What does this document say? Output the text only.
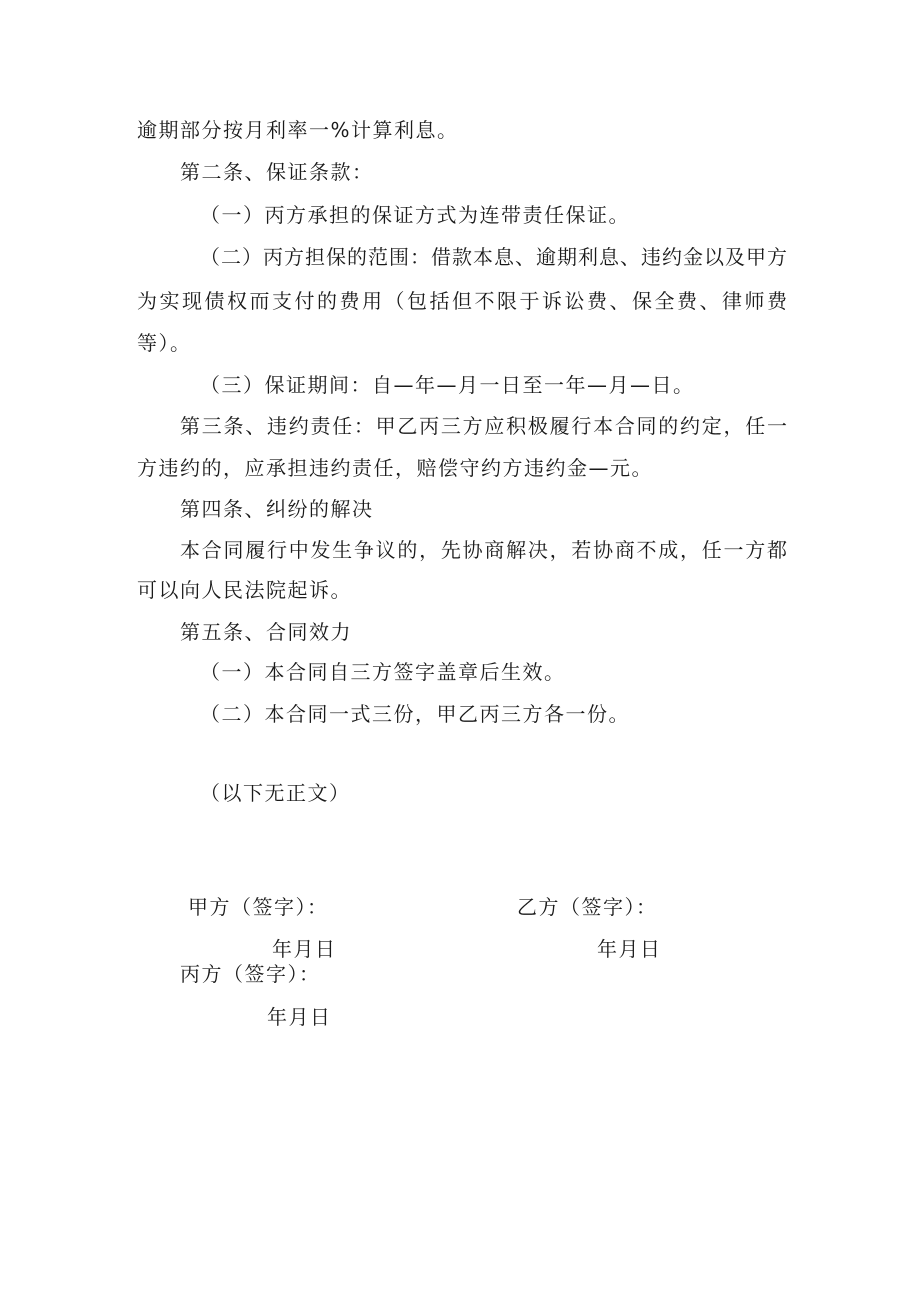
逾期部分按月利率一%计算利息。
第二条、保证条款：
（一）丙方承担的保证方式为连带责任保证。
（二）丙方担保的范围：借款本息、逾期利息、违约金以及甲方
为实现债权而支付的费用（包括但不限于诉讼费、保全费、律师费
等）。
（三）保证期间：自—年—月一日至一年—月—日。
第三条、违约责任：甲乙丙三方应积极履行本合同的约定，任一
方违约的，应承担违约责任，赔偿守约方违约金—元。
第四条、纠纷的解决
本合同履行中发生争议的，先协商解决，若协商不成，任一方都
可以向人民法院起诉。
第五条、合同效力
（一）本合同自三方签字盖章后生效。
（二）本合同一式三份，甲乙丙三方各一份。
（以下无正文）
甲方（签字）：
年月日
乙方（签字）：
年月日
丙方（签字）：
年月日
